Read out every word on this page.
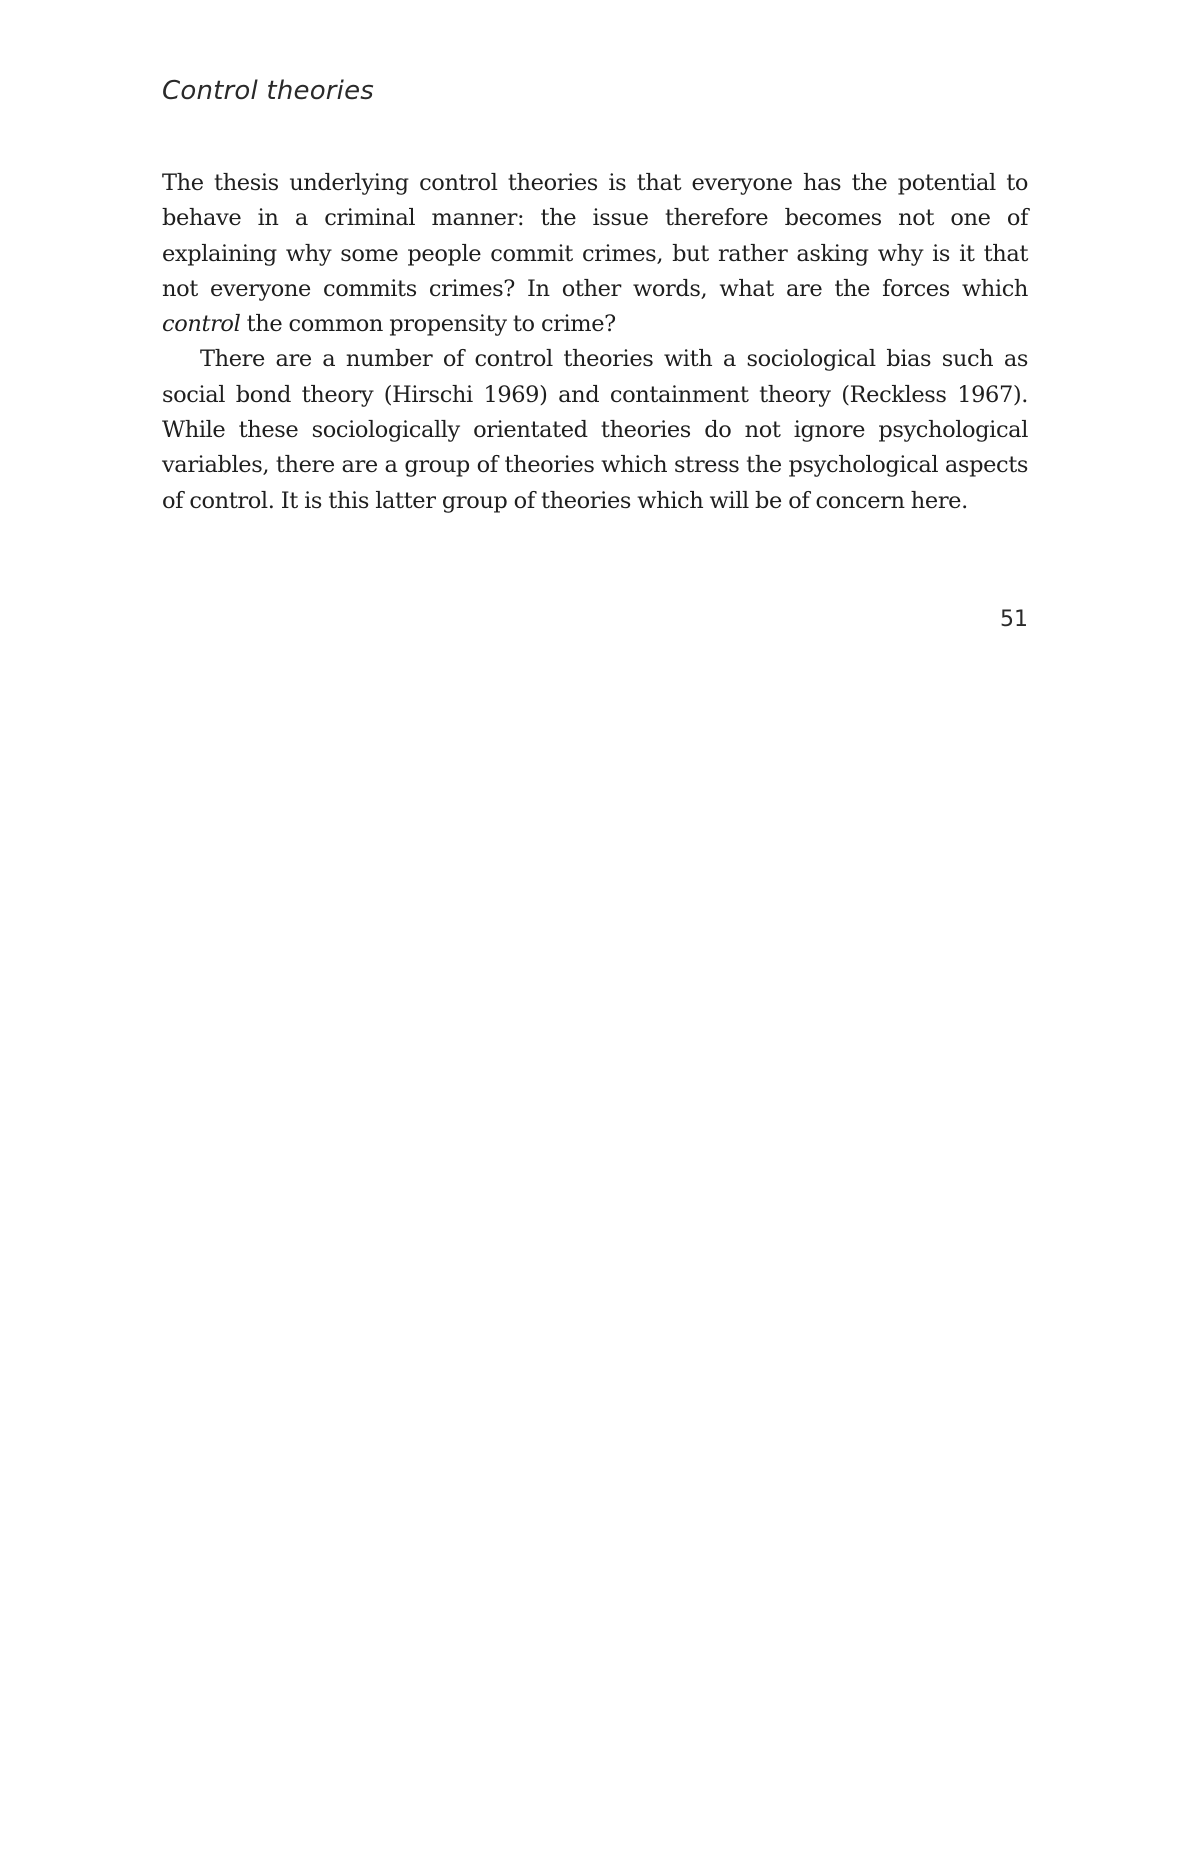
Control theories

The thesis underlying control theories is that everyone has the potential to behave in a criminal manner: the issue therefore becomes not one of explaining why some people commit crimes, but rather asking why is it that not everyone commits crimes? In other words, what are the forces which control the common propensity to crime?

There are a number of control theories with a sociological bias such as social bond theory (Hirschi 1969) and containment theory (Reckless 1967). While these sociologically orientated theories do not ignore psychological variables, there are a group of theories which stress the psychological aspects of control. It is this latter group of theories which will be of concern here.

51
